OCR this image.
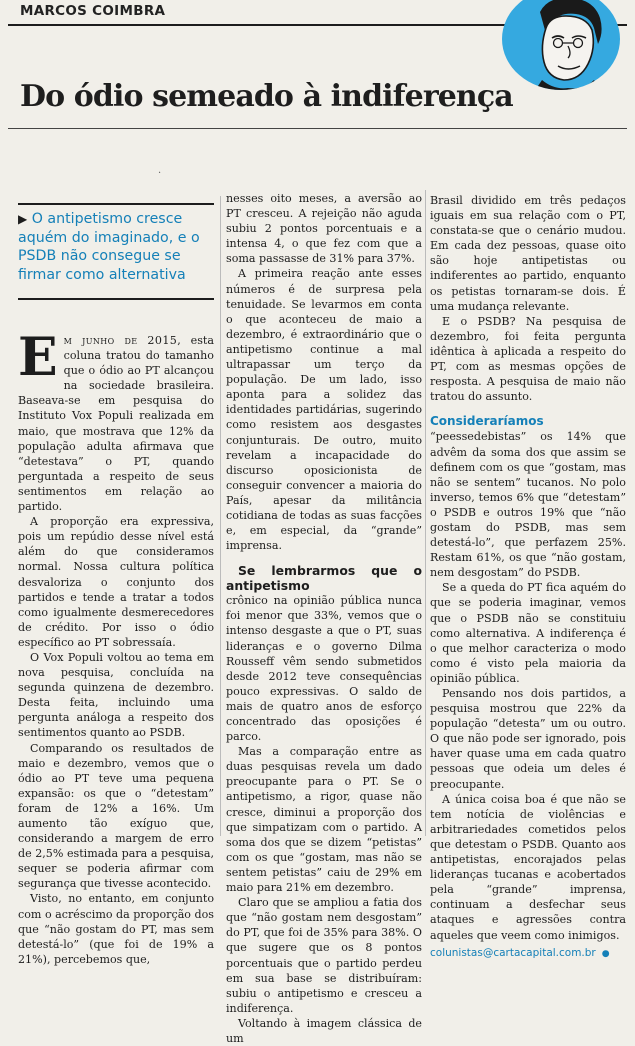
MARCOS COIMBRA
Do ódio semeado à indiferença
·

▶ O antipetismo cresce aquém do imaginado, e o PSDB não consegue se firmar como alternativa

Em junho de 2015, esta coluna tratou do tamanho que o ódio ao PT alcançou na sociedade brasileira. Baseava-se em pesquisa do Instituto Vox Populi realizada em maio, que mostrava que 12% da população adulta afirmava que “detestava” o PT, quando perguntada a respeito de seus sentimentos em relação ao partido.

A proporção era expressiva, pois um repúdio desse nível está além do que consideramos normal. Nossa cultura política desvaloriza o conjunto dos partidos e tende a tratar a todos como igualmente desmerecedores de crédito. Por isso o ódio específico ao PT sobressaía.

O Vox Populi voltou ao tema em nova pesquisa, concluída na segunda quinzena de dezembro. Desta feita, incluindo uma pergunta análoga a respeito dos sentimentos quanto ao PSDB.

Comparando os resultados de maio e dezembro, vemos que o ódio ao PT teve uma pequena expansão: os que o “detestam” foram de 12% a 16%. Um aumento tão exíguo que, considerando a margem de erro de 2,5% estimada para a pesquisa, sequer se poderia afirmar com segurança que tivesse acontecido.

Visto, no entanto, em conjunto com o acréscimo da proporção dos que “não gostam do PT, mas sem detestá-lo” (que foi de 19% a 21%), percebemos que,

nesses oito meses, a aversão ao PT cresceu. A rejeição não aguda subiu 2 pontos porcentuais e a intensa 4, o que fez com que a soma passasse de 31% para 37%.

A primeira reação ante esses números é de surpresa pela tenuidade. Se levarmos em conta o que aconteceu de maio a dezembro, é extraordinário que o antipetismo continue a mal ultrapassar um terço da população. De um lado, isso aponta para a solidez das identidades partidárias, sugerindo como resistem aos desgastes conjunturais. De outro, muito revelam a incapacidade do discurso oposicionista de conseguir convencer a maioria do País, apesar da militância cotidiana de todas as suas facções e, em especial, da “grande” imprensa.

Se lembrarmos que o antipetismo

crônico na opinião pública nunca foi menor que 33%, vemos que o intenso desgaste a que o PT, suas lideranças e o governo Dilma Rousseff vêm sendo submetidos desde 2012 teve consequências pouco expressivas. O saldo de mais de quatro anos de esforço concentrado das oposições é parco.

Mas a comparação entre as duas pesquisas revela um dado preocupante para o PT. Se o antipetismo, a rigor, quase não cresce, diminui a proporção dos que simpatizam com o partido. A soma dos que se dizem “petistas” com os que “gostam, mas não se sentem petistas” caiu de 29% em maio para 21% em dezembro.

Claro que se ampliou a fatia dos que “não gostam nem desgostam” do PT, que foi de 35% para 38%. O que sugere que os 8 pontos porcentuais que o partido perdeu em sua base se distribuíram: subiu o antipetismo e cresceu a indiferença.

Voltando à imagem clássica de um

Brasil dividido em três pedaços iguais em sua relação com o PT, constata-se que o cenário mudou. Em cada dez pessoas, quase oito são hoje antipetistas ou indiferentes ao partido, enquanto os petistas tornaram-se dois. É uma mudança relevante.

E o PSDB? Na pesquisa de dezembro, foi feita pergunta idêntica à aplicada a respeito do PT, com as mesmas opções de resposta. A pesquisa de maio não tratou do assunto.

Consideraríamos “peessedebistas” os 14% que advêm da soma dos que assim se definem com os que “gostam, mas não se sentem” tucanos. No polo inverso, temos 6% que “detestam” o PSDB e outros 19% que “não gostam do PSDB, mas sem detestá-lo”, que perfazem 25%. Restam 61%, os que “não gostam, nem desgostam” do PSDB.

Se a queda do PT fica aquém do que se poderia imaginar, vemos que o PSDB não se constituiu como alternativa. A indiferença é o que melhor caracteriza o modo como é visto pela maioria da opinião pública.

Pensando nos dois partidos, a pesquisa mostrou que 22% da população “detesta” um ou outro. O que não pode ser ignorado, pois haver quase uma em cada quatro pessoas que odeia um deles é preocupante.

A única coisa boa é que não se tem notícia de violências e arbitrariedades cometidos pelos que detestam o PSDB. Quanto aos antipetistas, encorajados pelas lideranças tucanas e acobertados pela “grande” imprensa, continuam a desfechar seus ataques e agressões contra aqueles que veem como inimigos.

colunistas@cartacapital.com.br ●
